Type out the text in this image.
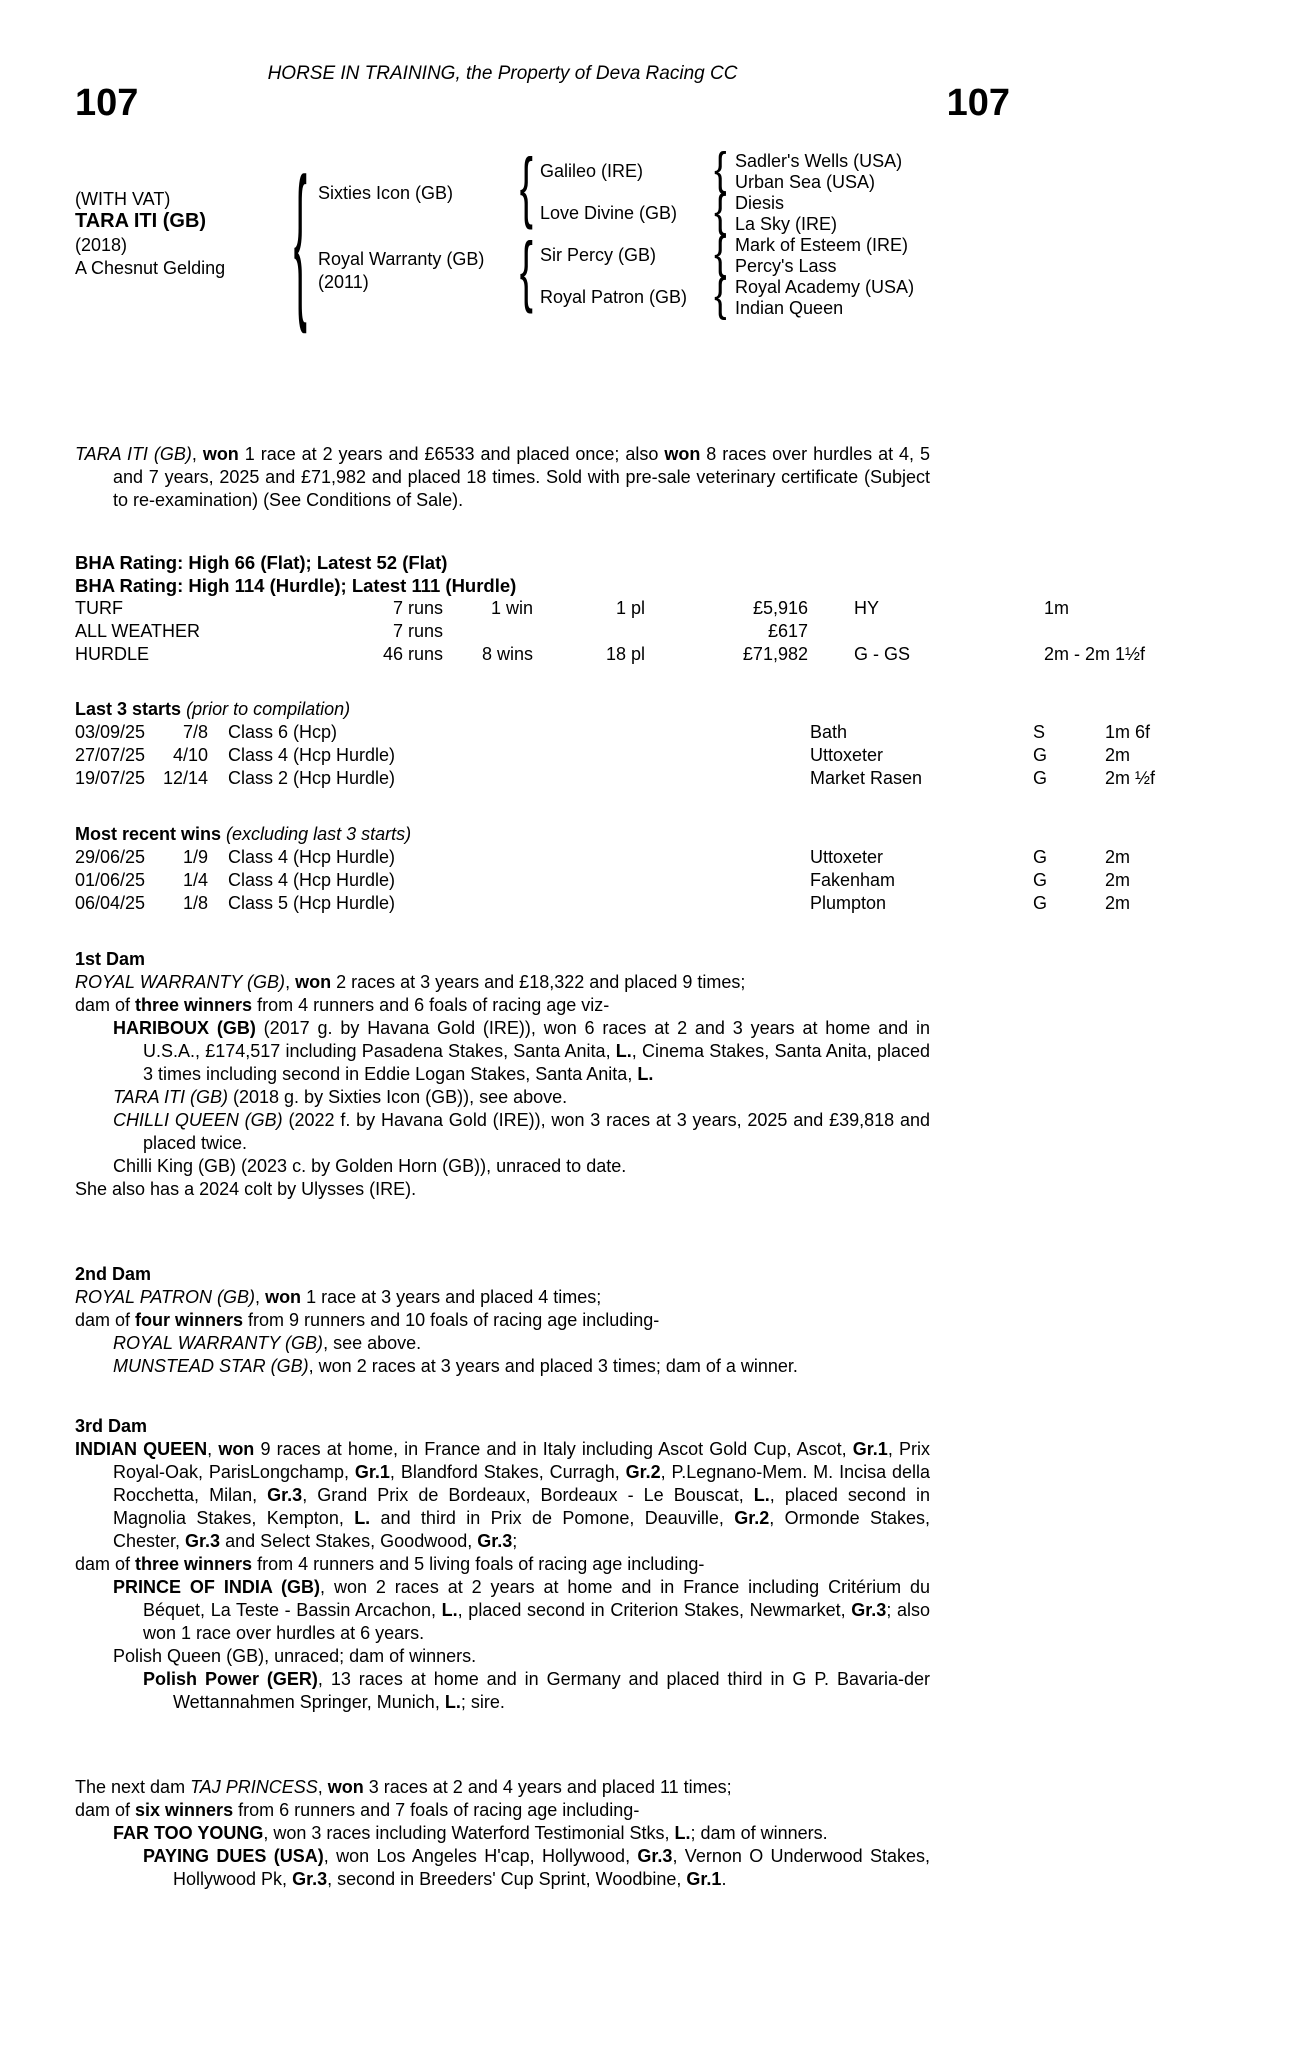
HORSE IN TRAINING, the Property of Deva Racing CC
107	107
(WITH VAT)
TARA ITI (GB)
(2018)
A Chesnut Gelding { Sixties Icon (GB)
Royal Warranty (GB)
(2011)
{
{
Galileo (IRE)
Love Divine (GB)
Sir Percy (GB)
Royal Patron (GB)
{
{
{
{
Sadler's Wells (USA)
Urban Sea (USA)
Diesis
La Sky (IRE)
Mark of Esteem (IRE)
Percy's Lass
Royal Academy (USA)
Indian Queen

TARA ITI (GB), won 1 race at 2 years and £6533 and placed once; also won 8 races over hurdles at 4, 5 and 7 years, 2025 and £71,982 and placed 18 times. Sold with pre-sale veterinary certificate (Subject to re-examination) (See Conditions of Sale).

BHA Rating: High 66 (Flat); Latest 52 (Flat)

BHA Rating: High 114 (Hurdle); Latest 111 (Hurdle)

TURF	7 runs	1 win	1 pl	£5,916	HY	1m
ALL WEATHER	7 runs	£617
HURDLE	46 runs	8 wins	18 pl	£71,982	G - GS	2m - 2m 1½f

Last 3 starts (prior to compilation)

03/09/25	7/8	Class 6 (Hcp)	Bath	S	1m 6f
27/07/25	4/10	Class 4 (Hcp Hurdle)	Uttoxeter	G	2m
19/07/25 12/14	Class 2 (Hcp Hurdle)	Market Rasen	G	2m ½f

Most recent wins (excluding last 3 starts)

29/06/25	1/9	Class 4 (Hcp Hurdle)	Uttoxeter	G	2m
01/06/25	1/4	Class 4 (Hcp Hurdle)	Fakenham	G	2m
06/04/25	1/8	Class 5 (Hcp Hurdle)	Plumpton	G	2m

1st Dam

ROYAL WARRANTY (GB), won 2 races at 3 years and £18,322 and placed 9 times;

dam of three winners from 4 runners and 6 foals of racing age viz-

HARIBOUX (GB) (2017 g. by Havana Gold (IRE)), won 6 races at 2 and 3 years at home and in U.S.A., £174,517 including Pasadena Stakes, Santa Anita, L., Cinema Stakes, Santa Anita, placed 3 times including second in Eddie Logan Stakes, Santa Anita, L.

TARA ITI (GB) (2018 g. by Sixties Icon (GB)), see above.

CHILLI QUEEN (GB) (2022 f. by Havana Gold (IRE)), won 3 races at 3 years, 2025 and £39,818 and placed twice.

Chilli King (GB) (2023 c. by Golden Horn (GB)), unraced to date.

She also has a 2024 colt by Ulysses (IRE).

2nd Dam

ROYAL PATRON (GB), won 1 race at 3 years and placed 4 times;

dam of four winners from 9 runners and 10 foals of racing age including-

ROYAL WARRANTY (GB), see above.

MUNSTEAD STAR (GB), won 2 races at 3 years and placed 3 times; dam of a winner.

3rd Dam

INDIAN QUEEN, won 9 races at home, in France and in Italy including Ascot Gold Cup, Ascot, Gr.1, Prix Royal-Oak, ParisLongchamp, Gr.1, Blandford Stakes, Curragh, Gr.2, P.Legnano-Mem. M. Incisa della Rocchetta, Milan, Gr.3, Grand Prix de Bordeaux, Bordeaux - Le Bouscat, L., placed second in Magnolia Stakes, Kempton, L. and third in Prix de Pomone, Deauville, Gr.2, Ormonde Stakes, Chester, Gr.3 and Select Stakes, Goodwood, Gr.3;

dam of three winners from 4 runners and 5 living foals of racing age including-

PRINCE OF INDIA (GB), won 2 races at 2 years at home and in France including Critérium du Béquet, La Teste - Bassin Arcachon, L., placed second in Criterion Stakes, Newmarket, Gr.3; also won 1 race over hurdles at 6 years.

Polish Queen (GB), unraced; dam of winners.

Polish Power (GER), 13 races at home and in Germany and placed third in G P. Bavaria-der Wettannahmen Springer, Munich, L.; sire.

The next dam TAJ PRINCESS, won 3 races at 2 and 4 years and placed 11 times;

dam of six winners from 6 runners and 7 foals of racing age including-

FAR TOO YOUNG, won 3 races including Waterford Testimonial Stks, L.; dam of winners.

PAYING DUES (USA), won Los Angeles H'cap, Hollywood, Gr.3, Vernon O Underwood Stakes, Hollywood Pk, Gr.3, second in Breeders' Cup Sprint, Woodbine, Gr.1.
